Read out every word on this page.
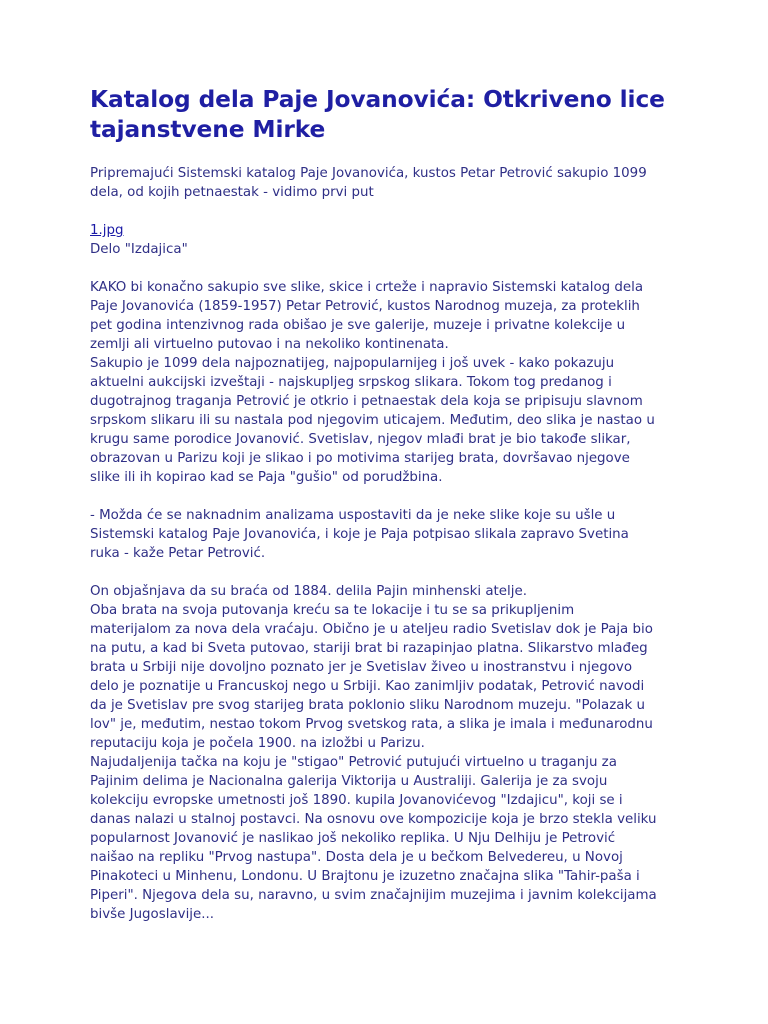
Katalog dela Paje Jovanovića: Otkriveno lice
tajanstvene Mirke
Pripremajući Sistemski katalog Paje Jovanovića, kustos Petar Petrović sakupio 1099
dela, od kojih petnaestak - vidimo prvi put
1.jpg
Delo "Izdajica"
KAKO bi konačno sakupio sve slike, skice i crteže i napravio Sistemski katalog dela
Paje Jovanovića (1859-1957) Petar Petrović, kustos Narodnog muzeja, za proteklih
pet godina intenzivnog rada obišao je sve galerije, muzeje i privatne kolekcije u
zemlji ali virtuelno putovao i na nekoliko kontinenata.
Sakupio je 1099 dela najpoznatijeg, najpopularnijeg i još uvek - kako pokazuju
aktuelni aukcijski izveštaji - najskupljeg srpskog slikara. Tokom tog predanog i
dugotrajnog traganja Petrović je otkrio i petnaestak dela koja se pripisuju slavnom
srpskom slikaru ili su nastala pod njegovim uticajem. Međutim, deo slika je nastao u
krugu same porodice Jovanović. Svetislav, njegov mlađi brat je bio takođe slikar,
obrazovan u Parizu koji je slikao i po motivima starijeg brata, dovršavao njegove
slike ili ih kopirao kad se Paja "gušio" od porudžbina.
- Možda će se naknadnim analizama uspostaviti da je neke slike koje su ušle u
Sistemski katalog Paje Jovanovića, i koje je Paja potpisao slikala zapravo Svetina
ruka - kaže Petar Petrović.
On objašnjava da su braća od 1884. delila Pajin minhenski atelje.
Oba brata na svoja putovanja kreću sa te lokacije i tu se sa prikupljenim
materijalom za nova dela vraćaju. Obično je u ateljeu radio Svetislav dok je Paja bio
na putu, a kad bi Sveta putovao, stariji brat bi razapinjao platna. Slikarstvo mlađeg
brata u Srbiji nije dovoljno poznato jer je Svetislav živeo u inostranstvu i njegovo
delo je poznatije u Francuskoj nego u Srbiji. Kao zanimljiv podatak, Petrović navodi
da je Svetislav pre svog starijeg brata poklonio sliku Narodnom muzeju. "Polazak u
lov" je, međutim, nestao tokom Prvog svetskog rata, a slika je imala i međunarodnu
reputaciju koja je počela 1900. na izložbi u Parizu.
Najudaljenija tačka na koju je "stigao" Petrović putujući virtuelno u traganju za
Pajinim delima je Nacionalna galerija Viktorija u Australiji. Galerija je za svoju
kolekciju evropske umetnosti još 1890. kupila Jovanovićevog "Izdajicu", koji se i
danas nalazi u stalnoj postavci. Na osnovu ove kompozicije koja je brzo stekla veliku
popularnost Jovanović je naslikao još nekoliko replika. U Nju Delhiju je Petrović
naišao na repliku "Prvog nastupa". Dosta dela je u bečkom Belvedereu, u Novoj
Pinakoteci u Minhenu, Londonu. U Brajtonu je izuzetno značajna slika "Tahir-paša i
Piperi". Njegova dela su, naravno, u svim značajnijim muzejima i javnim kolekcijama
bivše Jugoslavije...
